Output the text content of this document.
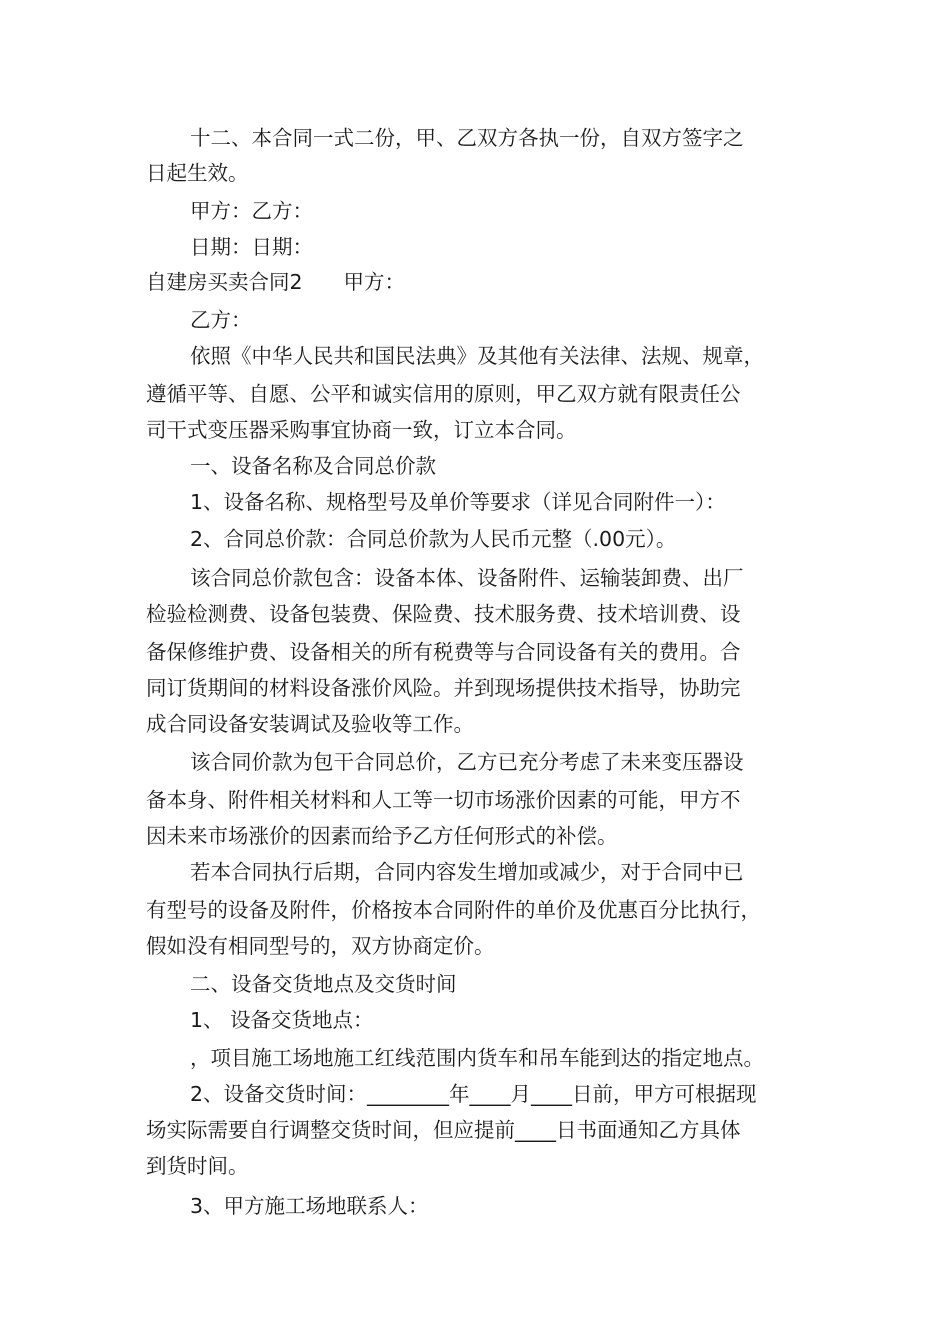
十二、本合同一式二份，甲、乙双方各执一份，自双方签字之
日起生效。
甲方：乙方：
日期：日期：
自建房买卖合同2　　甲方：
乙方：
依照《中华人民共和国民法典》及其他有关法律、法规、规章，
遵循平等、自愿、公平和诚实信用的原则，甲乙双方就有限责任公
司干式变压器采购事宜协商一致，订立本合同。
一、设备名称及合同总价款
1、设备名称、规格型号及单价等要求（详见合同附件一）：
2、合同总价款：合同总价款为人民币元整（.00元）。
该合同总价款包含：设备本体、设备附件、运输装卸费、出厂
检验检测费、设备包装费、保险费、技术服务费、技术培训费、设
备保修维护费、设备相关的所有税费等与合同设备有关的费用。合
同订货期间的材料设备涨价风险。并到现场提供技术指导，协助完
成合同设备安装调试及验收等工作。
该合同价款为包干合同总价，乙方已充分考虑了未来变压器设
备本身、附件相关材料和人工等一切市场涨价因素的可能，甲方不
因未来市场涨价的因素而给予乙方任何形式的补偿。
若本合同执行后期，合同内容发生增加或减少，对于合同中已
有型号的设备及附件，价格按本合同附件的单价及优惠百分比执行，
假如没有相同型号的，双方协商定价。
二、设备交货地点及交货时间
1、 设备交货地点：
，项目施工场地施工红线范围内货车和吊车能到达的指定地点。
2、设备交货时间：________年____月____日前，甲方可根据现
场实际需要自行调整交货时间，但应提前____日书面通知乙方具体
到货时间。
3、甲方施工场地联系人：
